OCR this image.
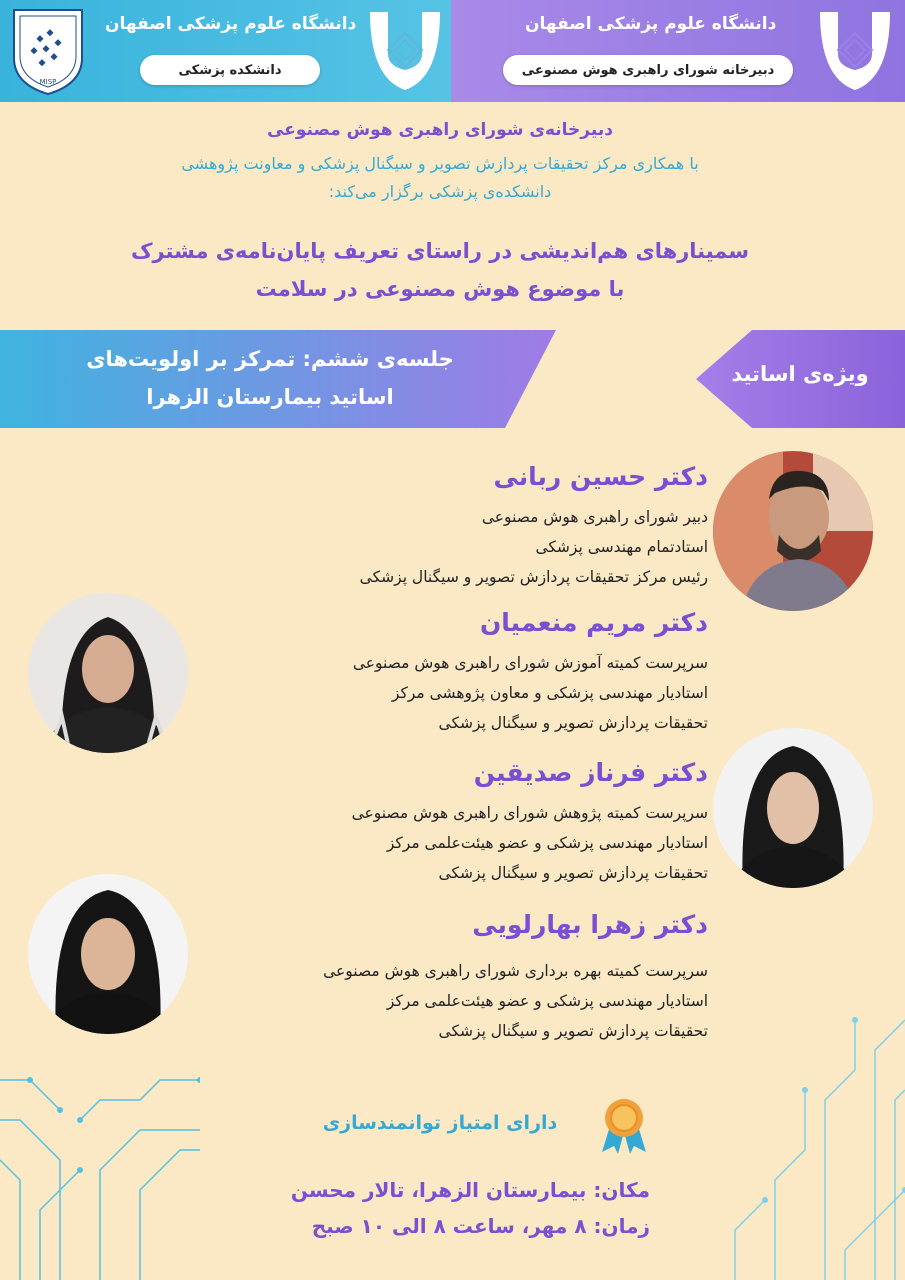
MISP
دانشگاه علوم پزشکی اصفهان
دانشکده پزشکی
دانشگاه علوم پزشکی اصفهان
دبیرخانه شورای راهبری هوش مصنوعی
دبیرخانه‌ی شورای راهبری هوش مصنوعی
با همکاری مرکز تحقیقات پردازش تصویر و سیگنال پزشکی و معاونت پژوهشی
دانشکده‌ی پزشکی برگزار می‌کند:
سمینارهای هم‌اندیشی در راستای تعریف پایان‌نامه‌ی مشترک
با موضوع هوش مصنوعی در سلامت
جلسه‌ی ششم: تمرکز بر اولویت‌های
اساتید بیمارستان الزهرا
ویژه‌ی اساتید
دکتر حسین ربانی
دبیر شورای راهبری هوش مصنوعی
استادتمام مهندسی پزشکی
رئیس مرکز تحقیقات پردازش تصویر و سیگنال پزشکی
دکتر مریم منعمیان
سرپرست کمیته آموزش شورای راهبری هوش مصنوعی
استادیار مهندسی پزشکی و معاون پژوهشی مرکز
تحقیقات پردازش تصویر و سیگنال پزشکی
دکتر فرناز صدیقین
سرپرست کمیته پژوهش شورای راهبری هوش مصنوعی
استادیار مهندسی پزشکی و عضو هیئت‌علمی مرکز
تحقیقات پردازش تصویر و سیگنال پزشکی
دکتر زهرا بهارلویی
سرپرست کمیته بهره برداری شورای راهبری هوش مصنوعی
استادیار مهندسی پزشکی و عضو هیئت‌علمی مرکز
تحقیقات پردازش تصویر و سیگنال پزشکی
دارای امتیاز توانمندسازی
مکان: بیمارستان الزهرا، تالار محسن
زمان: ۸ مهر، ساعت ۸ الی ۱۰ صبح
